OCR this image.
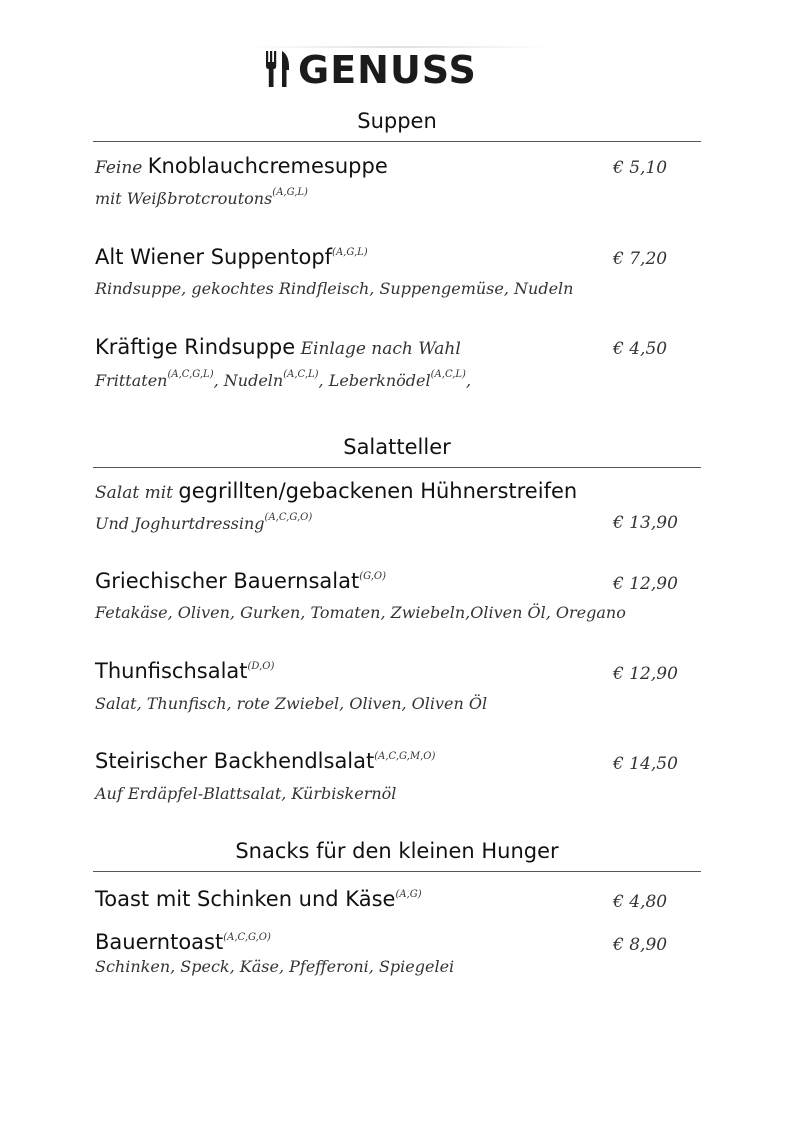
GENUSS
Suppen
Feine Knoblauchcremesuppe
mit Weißbrotcroutons$^{(A,G,L)}$
€ 5,10
Alt Wiener Suppentopf$^{(A,G,L)}$
Rindsuppe, gekochtes Rindfleisch, Suppengemüse, Nudeln
€ 7,20
Kräftige Rindsuppe Einlage nach Wahl
Frittaten$^{(A,C,G,L)}$, Nudeln$^{(A,C,L)}$, Leberknödel$^{(A,C,L)}$,
€ 4,50
Salatteller
Salat mit gegrillten/gebackenen Hühnerstreifen
Und Joghurtdressing$^{(A,C,G,O)}$	€ 13,90
Griechischer Bauernsalat$^{(G,O)}$
Fetakäse, Oliven, Gurken, Tomaten, Zwiebeln,Oliven Öl, Oregano
€ 12,90
Thunfischsalat$^{(D,O)}$
Salat, Thunfisch, rote Zwiebel, Oliven, Oliven Öl
€ 12,90
Steirischer Backhendlsalat$^{(A,C,G,M,O)}$
Auf Erdäpfel-Blattsalat, Kürbiskernöl
€ 14,50
Snacks für den kleinen Hunger
Toast mit Schinken und Käse$^{(A,G)}$	€ 4,80
Bauerntoast$^{(A,C,G,O)}$
Schinken, Speck, Käse, Pfefferoni, Spiegelei
€ 8,90
